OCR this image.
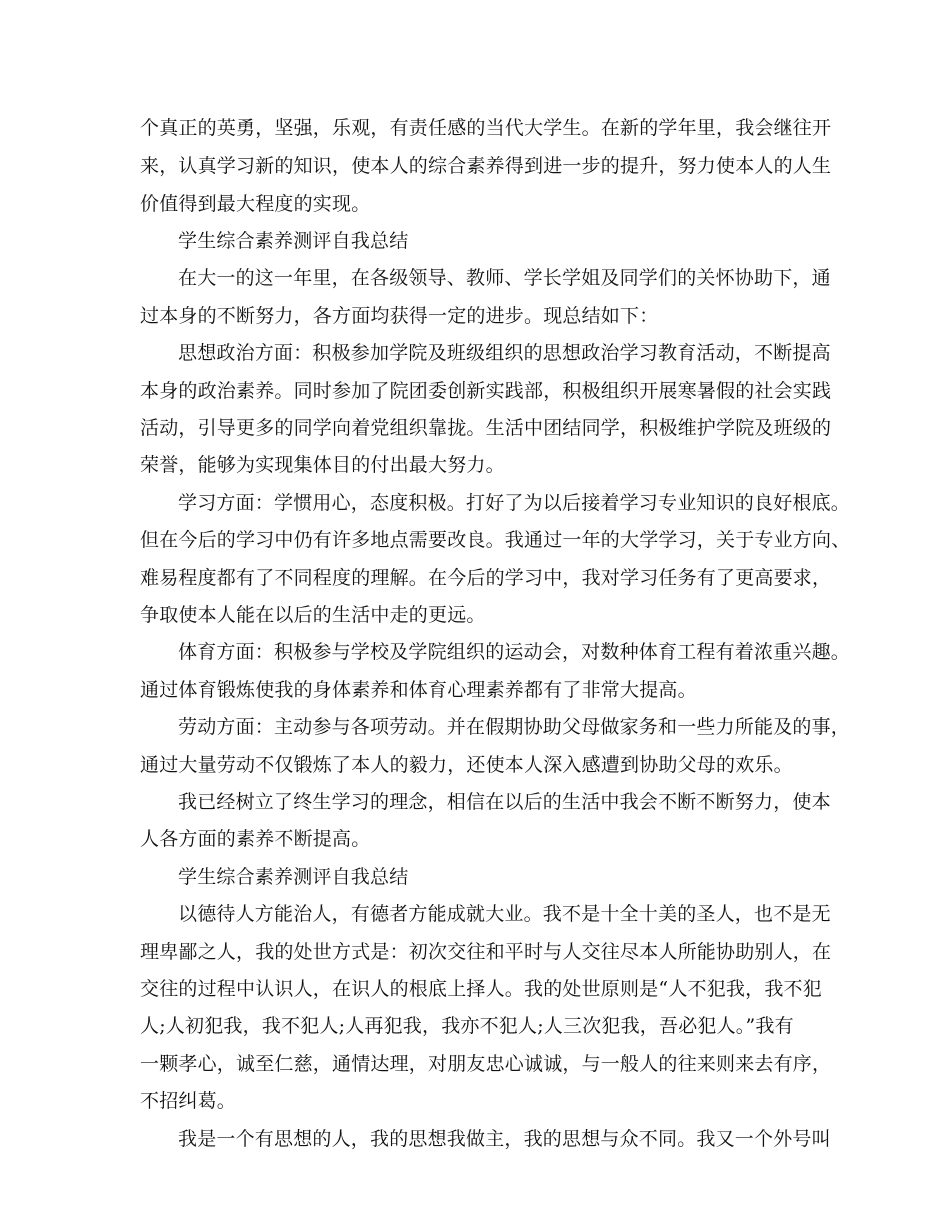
个真正的英勇，坚强，乐观，有责任感的当代大学生。在新的学年里，我会继往开
来，认真学习新的知识，使本人的综合素养得到进一步的提升，努力使本人的人生
价值得到最大程度的实现。
学生综合素养测评自我总结
在大一的这一年里，在各级领导、教师、学长学姐及同学们的关怀协助下，通
过本身的不断努力，各方面均获得一定的进步。现总结如下：
思想政治方面：积极参加学院及班级组织的思想政治学习教育活动，不断提高
本身的政治素养。同时参加了院团委创新实践部，积极组织开展寒暑假的社会实践
活动，引导更多的同学向着党组织靠拢。生活中团结同学，积极维护学院及班级的
荣誉，能够为实现集体目的付出最大努力。
学习方面：学惯用心，态度积极。打好了为以后接着学习专业知识的良好根底。
但在今后的学习中仍有许多地点需要改良。我通过一年的大学学习，关于专业方向、
难易程度都有了不同程度的理解。在今后的学习中，我对学习任务有了更高要求，
争取使本人能在以后的生活中走的更远。
体育方面：积极参与学校及学院组织的运动会，对数种体育工程有着浓重兴趣。
通过体育锻炼使我的身体素养和体育心理素养都有了非常大提高。
劳动方面：主动参与各项劳动。并在假期协助父母做家务和一些力所能及的事，
通过大量劳动不仅锻炼了本人的毅力，还使本人深入感遭到协助父母的欢乐。
我已经树立了终生学习的理念，相信在以后的生活中我会不断不断努力，使本
人各方面的素养不断提高。
学生综合素养测评自我总结
以德待人方能治人，有德者方能成就大业。我不是十全十美的圣人，也不是无
理卑鄙之人，我的处世方式是：初次交往和平时与人交往尽本人所能协助别人，在
交往的过程中认识人，在识人的根底上择人。我的处世原则是“人不犯我，我不犯
人;人初犯我，我不犯人;人再犯我，我亦不犯人;人三次犯我，吾必犯人。”我有
一颗孝心，诚至仁慈，通情达理，对朋友忠心诚诚，与一般人的往来则来去有序，
不招纠葛。
我是一个有思想的人，我的思想我做主，我的思想与众不同。我又一个外号叫
